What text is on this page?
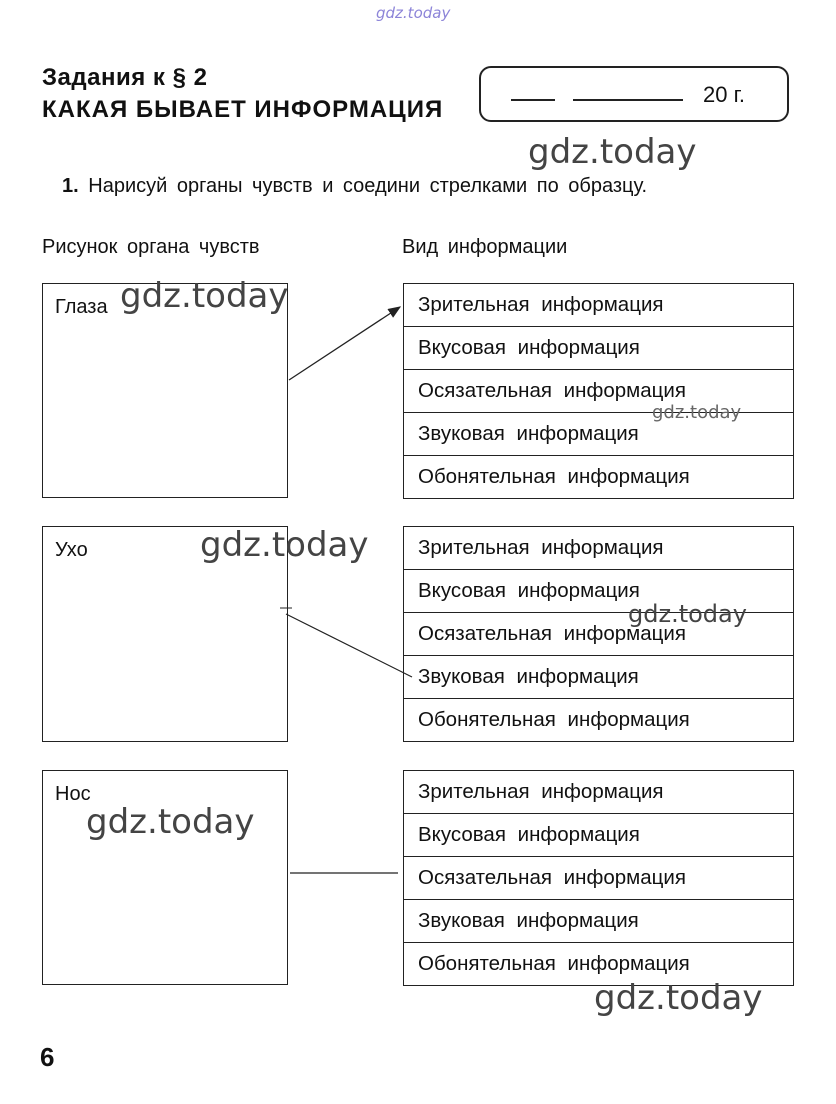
gdz.today
Задания к § 2
КАКАЯ БЫВАЕТ ИНФОРМАЦИЯ
20 г.
gdz.today
1. Нарисуй органы чувств и соедини стрелками по образцу.
Рисунок органа чувств	Вид информации
Глаза	Зрительная информация
Вкусовая информация
Осязательная информация
Звуковая информация
Обонятельная информация
Ухо	Зрительная информация
Вкусовая информация
Осязательная информация
Звуковая информация
Обонятельная информация
Нос	Зрительная информация
Вкусовая информация
Осязательная информация
Звуковая информация
Обонятельная информация
gdz.today
gdz.today
gdz.today
gdz.today
gdz.today
gdz.today
6
